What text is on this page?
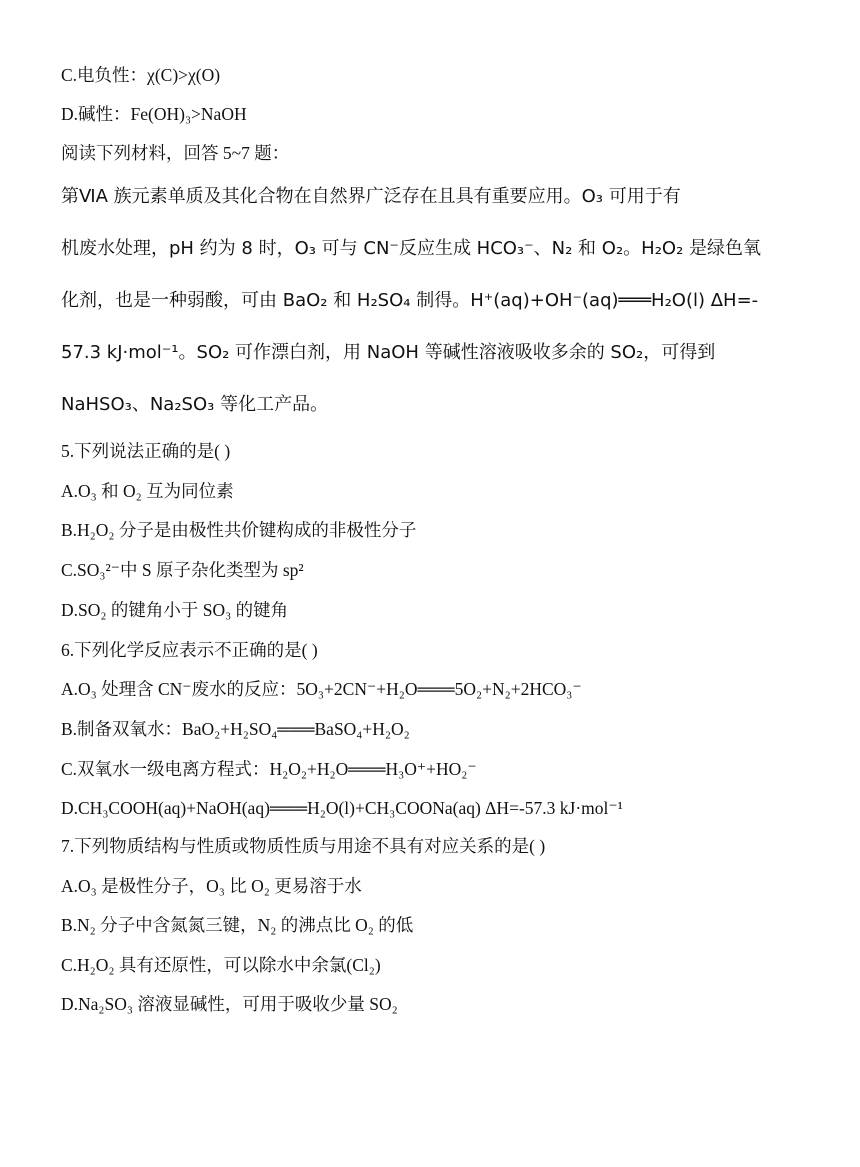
C.电负性：χ(C)>χ(O)
D.碱性：Fe(OH)₃>NaOH
阅读下列材料，回答 5~7 题：
第ⅥA 族元素单质及其化合物在自然界广泛存在且具有重要应用。O₃ 可用于有
机废水处理，pH 约为 8 时，O₃ 可与 CN⁻反应生成 HCO₃⁻、N₂ 和 O₂。H₂O₂ 是绿色氧
化剂，也是一种弱酸，可由 BaO₂ 和 H₂SO₄ 制得。H⁺(aq)+OH⁻(aq)═══H₂O(l) ΔH=-
57.3 kJ·mol⁻¹。SO₂ 可作漂白剂，用 NaOH 等碱性溶液吸收多余的 SO₂，可得到
NaHSO₃、Na₂SO₃ 等化工产品。
5.下列说法正确的是( )
A.O₃ 和 O₂ 互为同位素
B.H₂O₂ 分子是由极性共价键构成的非极性分子
C.SO₃²⁻中 S 原子杂化类型为 sp²
D.SO₂ 的键角小于 SO₃ 的键角
6.下列化学反应表示不正确的是( )
A.O₃ 处理含 CN⁻废水的反应：5O₃+2CN⁻+H₂O═══5O₂+N₂+2HCO₃⁻
B.制备双氧水：BaO₂+H₂SO₄═══BaSO₄+H₂O₂
C.双氧水一级电离方程式：H₂O₂+H₂O═══H₃O⁺+HO₂⁻
D.CH₃COOH(aq)+NaOH(aq)═══H₂O(l)+CH₃COONa(aq) ΔH=-57.3 kJ·mol⁻¹
7.下列物质结构与性质或物质性质与用途不具有对应关系的是( )
A.O₃ 是极性分子，O₃ 比 O₂ 更易溶于水
B.N₂ 分子中含氮氮三键，N₂ 的沸点比 O₂ 的低
C.H₂O₂ 具有还原性，可以除水中余氯(Cl₂)
D.Na₂SO₃ 溶液显碱性，可用于吸收少量 SO₂
